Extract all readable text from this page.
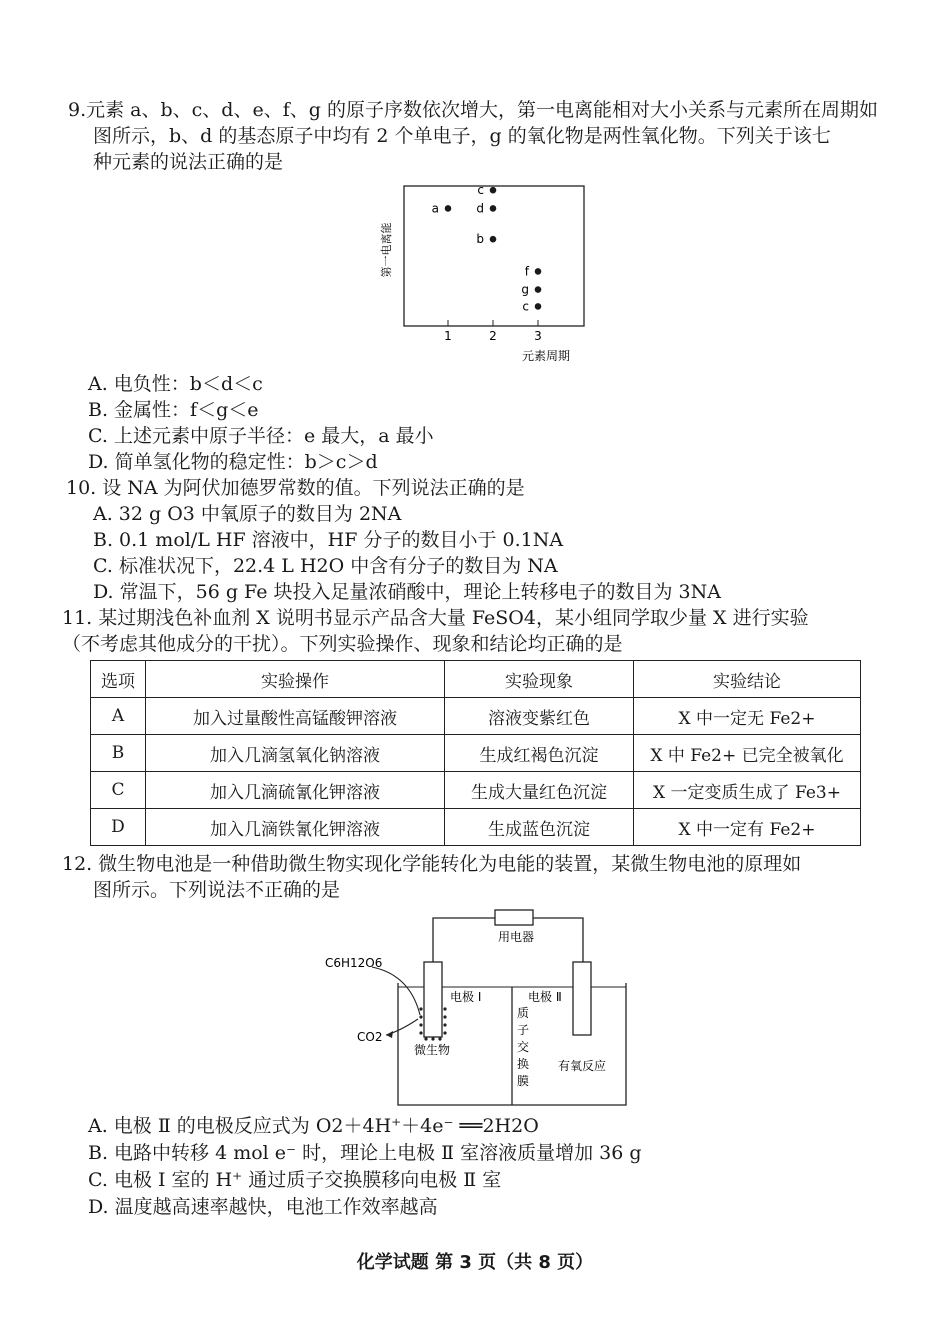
9.元素 a、b、c、d、e、f、g 的原子序数依次增大，第一电离能相对大小关系与元素所在周期如
图所示，b、d 的基态原子中均有 2 个单电子，g 的氧化物是两性氧化物。下列关于该七
种元素的说法正确的是
第一电离能
1	2	3
a
c
d
b
f
g
c
元素周期
A. 电负性：b＜d＜c
B. 金属性：f＜g＜e
C. 上述元素中原子半径：e 最大，a 最小
D. 简单氢化物的稳定性：b＞c＞d
10. 设 NA 为阿伏加德罗常数的值。下列说法正确的是
A. 32 g O3 中氧原子的数目为 2NA
B. 0.1 mol/L HF 溶液中，HF 分子的数目小于 0.1NA
C. 标准状况下，22.4 L H2O 中含有分子的数目为 NA
D. 常温下，56 g Fe 块投入足量浓硝酸中，理论上转移电子的数目为 3NA
11. 某过期浅色补血剂 X 说明书显示产品含大量 FeSO4，某小组同学取少量 X 进行实验
（不考虑其他成分的干扰）。下列实验操作、现象和结论均正确的是
选项	实验操作	实验现象	实验结论
A	加入过量酸性高锰酸钾溶液	溶液变紫红色	X 中一定无 Fe2+
B	加入几滴氢氧化钠溶液	生成红褐色沉淀	X 中 Fe2+ 已完全被氧化
C	加入几滴硫氰化钾溶液	生成大量红色沉淀	X 一定变质生成了 Fe3+
D	加入几滴铁氰化钾溶液	生成蓝色沉淀	X 中一定有 Fe2+
12. 微生物电池是一种借助微生物实现化学能转化为电能的装置，某微生物电池的原理如
图所示。下列说法不正确的是
用电器
C6H12O6
CO2
电极 Ⅰ	电极 Ⅱ
微生物
质子交换膜
有氧反应
A. 电极 Ⅱ 的电极反应式为 O2＋4H⁺＋4e⁻ ══2H2O
B. 电路中转移 4 mol e⁻ 时，理论上电极 Ⅱ 室溶液质量增加 36 g
C. 电极 Ⅰ 室的 H⁺ 通过质子交换膜移向电极 Ⅱ 室
D. 温度越高速率越快，电池工作效率越高
化学试题 第 3 页（共 8 页）
